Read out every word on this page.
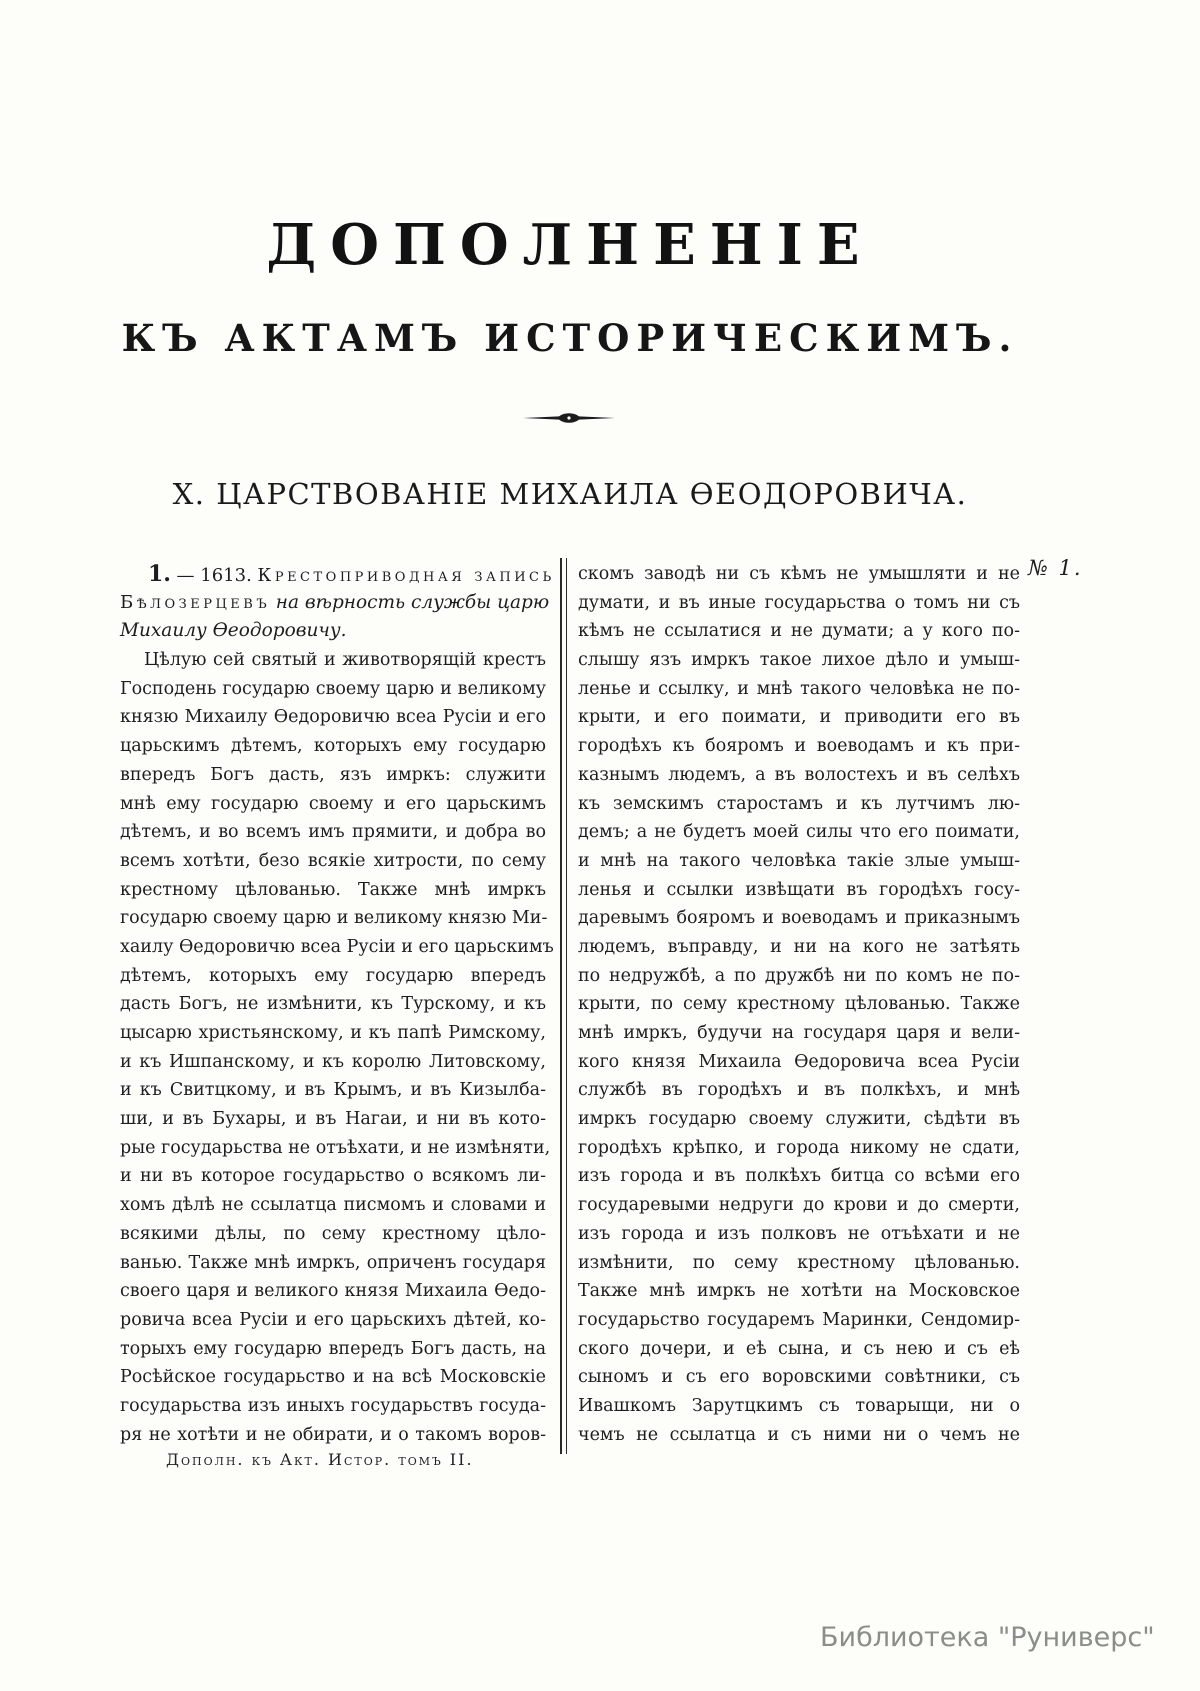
ДОПОЛНЕНІЕ
КЪ АКТАМЪ ИСТОРИЧЕСКИМЪ.
X. ЦАРСТВОВАНІЕ МИХАИЛА ѲЕОДОРОВИЧА.
1. — 1613. Крестоприводная запись
Бѣлозерцевъ на вѣрность службы царю
Михаилу Ѳеодоровичу.
Цѣлую сей святый и животворящій крестъ
Господень государю своему царю и великому
князю Михаилу Ѳедоровичю всеа Русіи и его
царьскимъ дѣтемъ, которыхъ ему государю
впередъ Богъ дасть, язъ имркъ: служити
мнѣ ему государю своему и его царьскимъ
дѣтемъ, и во всемъ имъ прямити, и добра во
всемъ хотѣти, безо всякіе хитрости, по сему
крестному цѣлованью. Также мнѣ имркъ
государю своему царю и великому князю Ми-
хаилу Ѳедоровичю всеа Русіи и его царьскимъ
дѣтемъ, которыхъ ему государю впередъ
дасть Богъ, не измѣнити, къ Турскому, и къ
цысарю христьянскому, и къ папѣ Римскому,
и къ Ишпанскому, и къ королю Литовскому,
и къ Свитцкому, и въ Крымъ, и въ Кизылба-
ши, и въ Бухары, и въ Нагаи, и ни въ кото-
рые государьства не отъѣхати, и не измѣняти,
и ни въ которое государьство о всякомъ ли-
хомъ дѣлѣ не ссылатца писмомъ и словами и
всякими дѣлы, по сему крестному цѣло-
ванью. Также мнѣ имркъ, оприченъ государя
своего царя и великого князя Михаила Ѳедо-
ровича всеа Русіи и его царьскихъ дѣтей, ко-
торыхъ ему государю впередъ Богъ дасть, на
Росѣйское государьство и на всѣ Московскіе
государьства изъ иныхъ государьствъ госуда-
ря не хотѣти и не обирати, и о такомъ воров-
скомъ заводѣ ни съ кѣмъ не умышляти и не
думати, и въ иные государьства о томъ ни съ
кѣмъ не ссылатися и не думати; а у кого по-
слышу язъ имркъ такое лихое дѣло и умыш-
ленье и ссылку, и мнѣ такого человѣка не по-
крыти, и его поимати, и приводити его въ
городѣхъ къ бояромъ и воеводамъ и къ при-
казнымъ людемъ, а въ волостехъ и въ селѣхъ
къ земскимъ старостамъ и къ лутчимъ лю-
демъ; а не будетъ моей силы что его поимати,
и мнѣ на такого человѣка такіе злые умыш-
ленья и ссылки извѣщати въ городѣхъ госу-
даревымъ бояромъ и воеводамъ и приказнымъ
людемъ, въправду, и ни на кого не затѣять
по недружбѣ, а по дружбѣ ни по комъ не по-
крыти, по сему крестному цѣлованью. Также
мнѣ имркъ, будучи на государя царя и вели-
кого князя Михаила Ѳедоровича всеа Русіи
службѣ въ городѣхъ и въ полкѣхъ, и мнѣ
имркъ государю своему служити, сѣдѣти въ
городѣхъ крѣпко, и города никому не сдати,
изъ города и въ полкѣхъ битца со всѣми его
государевыми недруги до крови и до смерти,
изъ города и изъ полковъ не отъѣхати и не
измѣнити, по сему крестному цѣлованью.
Также мнѣ имркъ не хотѣти на Московское
государьство государемъ Маринки, Сендомир-
ского дочери, и еѣ сына, и съ нею и съ еѣ
сыномъ и съ его воровскими совѣтники, съ
Ивашкомъ Зарутцкимъ съ товарыщи, ни о
чемъ не ссылатца и съ ними ни о чемъ не
№ 1.
Дополн. къ Акт. Истор. томъ II.
Библиотека "Руниверс"
